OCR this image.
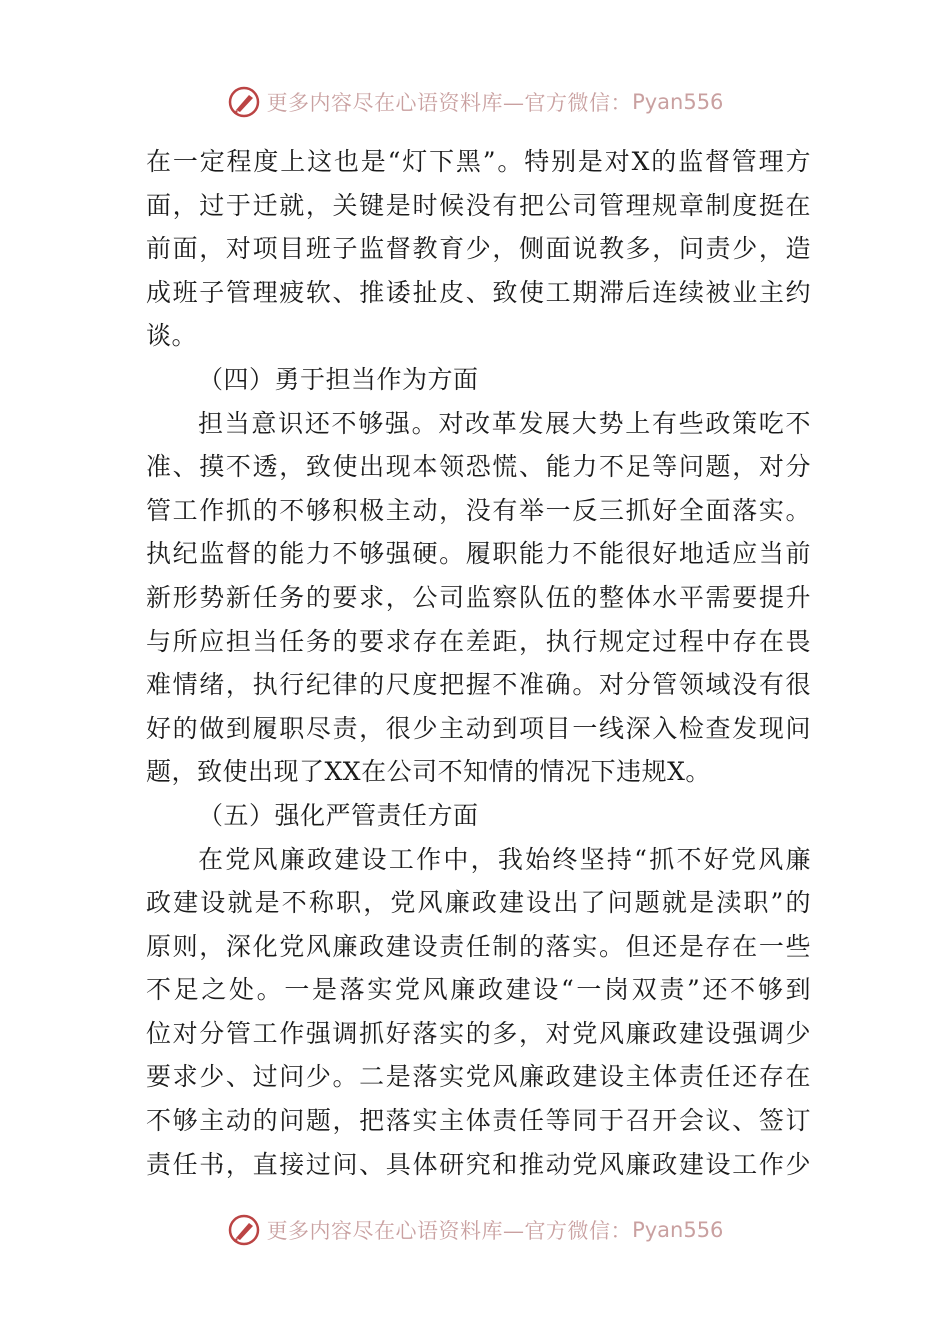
更多内容尽在心语资料库—官方微信： Pyan556
在一定程度上这也是“灯下黑”。特别是对X的监督管理方
面，过于迁就，关键是时候没有把公司管理规章制度挺在
前面，对项目班子监督教育少，侧面说教多，问责少，造
成班子管理疲软、推诿扯皮、致使工期滞后连续被业主约
谈。
（四）勇于担当作为方面
担当意识还不够强。对改革发展大势上有些政策吃不
准、摸不透，致使出现本领恐慌、能力不足等问题，对分
管工作抓的不够积极主动，没有举一反三抓好全面落实。
执纪监督的能力不够强硬。履职能力不能很好地适应当前
新形势新任务的要求，公司监察队伍的整体水平需要提升
与所应担当任务的要求存在差距，执行规定过程中存在畏
难情绪，执行纪律的尺度把握不准确。对分管领域没有很
好的做到履职尽责，很少主动到项目一线深入检查发现问
题，致使出现了XX在公司不知情的情况下违规X。
（五）强化严管责任方面
在党风廉政建设工作中，我始终坚持“抓不好党风廉
政建设就是不称职，党风廉政建设出了问题就是渎职”的
原则，深化党风廉政建设责任制的落实。但还是存在一些
不足之处。一是落实党风廉政建设“一岗双责”还不够到
位对分管工作强调抓好落实的多，对党风廉政建设强调少
要求少、过问少。二是落实党风廉政建设主体责任还存在
不够主动的问题，把落实主体责任等同于召开会议、签订
责任书，直接过问、具体研究和推动党风廉政建设工作少
更多内容尽在心语资料库—官方微信： Pyan556
